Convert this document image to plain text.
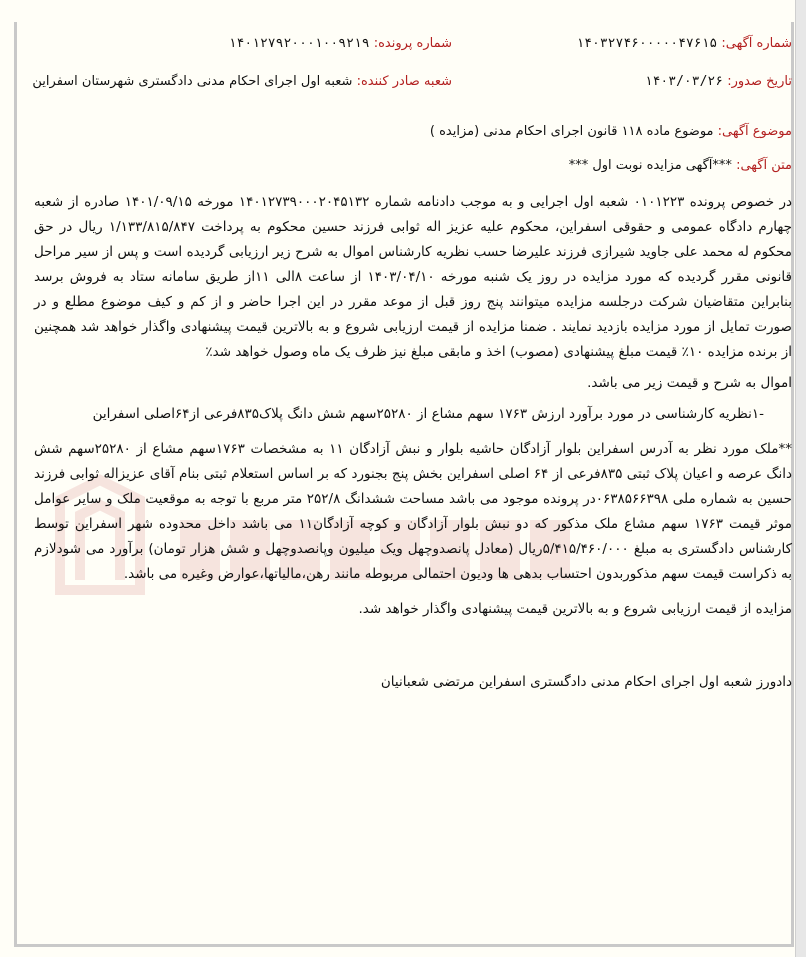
شماره آگهی: ۱۴۰۳۲۷۴۶۰۰۰۰۰۴۷۶۱۵
شماره پرونده: ۱۴۰۱۲۷۹۲۰۰۰۱۰۰۹۲۱۹
تاریخ صدور: ۱۴۰۳/۰۳/۲۶
شعبه صادر کننده: شعبه اول اجرای احکام مدنی دادگستری شهرستان اسفراین
موضوع آگهی: موضوع ماده ۱۱۸ قانون اجرای احکام مدنی (مزایده )
متن آگهی: ***آگهی مزایده نوبت اول ***

در خصوص پرونده ۰۱۰۱۲۲۳ شعبه اول اجرایی و به موجب دادنامه شماره ۱۴۰۱۲۷۳۹۰۰۰۲۰۴۵۱۳۲ مورخه ۱۴۰۱/۰۹/۱۵ صادره از شعبه چهارم دادگاه عمومی و حقوقی اسفراین، محکوم علیه عزیز اله ثوابی فرزند حسین محکوم به پرداخت ۱/۱۳۳/۸۱۵/۸۴۷ ریال در حق محکوم له محمد علی جاوید شیرازی فرزند علیرضا حسب نظریه کارشناس اموال به شرح زیر ارزیابی گردیده است و پس از سیر مراحل قانونی مقرر گردیده که مورد مزایده در روز یک شنبه مورخه ۱۴۰۳/۰۴/۱۰ از ساعت ۸الی ۱۱از طریق سامانه ستاد به فروش برسد بنابراین متقاضیان شرکت درجلسه مزایده میتوانند پنج روز قبل از موعد مقرر در این اجرا حاضر و از کم و کیف موضوع مطلع و در صورت تمایل از مورد مزایده بازدید نمایند . ضمنا مزایده از قیمت ارزیابی شروع و به بالاترین قیمت پیشنهادی واگذار خواهد شد همچنین از برنده مزایده ۱۰٪ قیمت مبلغ پیشنهادی (مصوب) اخذ و مابقی مبلغ نیز ظرف یک ماه وصول خواهد شد٪

اموال به شرح و قیمت زیر می باشد.

-۱نظریه کارشناسی در مورد برآورد ارزش ۱۷۶۳ سهم مشاع از ۲۵۲۸۰سهم شش دانگ پلاک۸۳۵فرعی از۶۴اصلی اسفراین

**ملک مورد نظر به آدرس اسفراین بلوار آزادگان حاشیه بلوار و نبش آزادگان ۱۱ به مشخصات ۱۷۶۳سهم مشاع از ۲۵۲۸۰سهم شش دانگ عرصه و اعیان پلاک ثبتی ۸۳۵فرعی از ۶۴ اصلی اسفراین بخش پنج بجنورد که بر اساس استعلام ثبتی بنام آقای عزیزاله ثوابی فرزند حسین به شماره ملی ۰۶۳۸۵۶۶۳۹۸در پرونده موجود می باشد مساحت ششدانگ ۲۵۲/۸ متر مربع با توجه به موقعیت ملک و سایر عوامل موثر قیمت ۱۷۶۳ سهم مشاع ملک مذکور که دو نبش بلوار آزادگان و کوچه آزادگان۱۱ می باشد داخل محدوده شهر اسفراین توسط کارشناس دادگستری به مبلغ ۵/۴۱۵/۴۶۰/۰۰۰ریال (معادل پانصدوچهل ویک میلیون وپانصدوچهل و شش هزار تومان) برآورد می شودلازم به ذکراست قیمت سهم مذکوربدون احتساب بدهی ها ودیون احتمالی مربوطه مانند رهن،مالیاتها،عوارض وغیره می باشد.

مزایده از قیمت ارزیابی شروع و به بالاترین قیمت پیشنهادی واگذار خواهد شد.

دادورز شعبه اول اجرای احکام مدنی دادگستری اسفراین مرتضی شعبانیان
